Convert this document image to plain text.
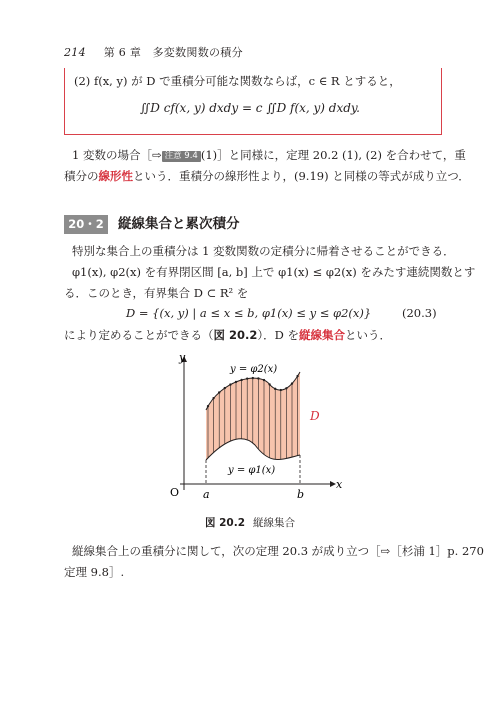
214 第 6 章　多変数関数の積分
(2) f(x, y) が D で重積分可能な関数ならば，c ∈ R とすると，
∬D cf(x, y) dxdy = c ∬D f(x, y) dxdy.
1 変数の場合［⇨ 注意 9.4 (1)］と同様に，定理 20.2 (1), (2) を合わせて，重
積分の線形性という．重積分の線形性より，(9.19) と同様の等式が成り立つ．
20・2	縦線集合と累次積分
特別な集合上の重積分は 1 変数関数の定積分に帰着させることができる．
φ1(x), φ2(x) を有界閉区間 [a, b] 上で φ1(x) ≤ φ2(x) をみたす連続関数とす
る．このとき，有界集合 D ⊂ R² を
D = {(x, y) | a ≤ x ≤ b, φ1(x) ≤ y ≤ φ2(x)}	(20.3)
により定めることができる（図 20.2）．D を縦線集合という．
y
x
O a	b
y = φ2(x)
y = φ1(x)
D
図 20.2 縦線集合
縦線集合上の重積分に関して，次の定理 20.3 が成り立つ［⇨［杉浦 1］p. 270
定理 9.8］.
